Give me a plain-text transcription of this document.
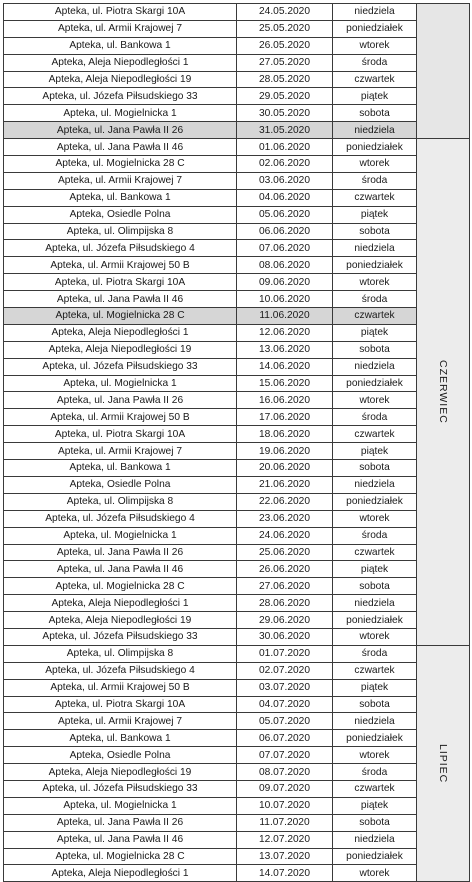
Apteka, ul. Piotra Skargi 10A	24.05.2020	niedziela	

Apteka, ul. Armii Krajowej 7	25.05.2020	poniedziałek	
Apteka, ul. Bankowa 1	26.05.2020	wtorek	
Apteka, Aleja Niepodległości 1	27.05.2020	środa	
Apteka, Aleja Niepodległości 19	28.05.2020	czwartek	
Apteka, ul. Józefa Piłsudskiego 33	29.05.2020	piątek	
Apteka, ul. Mogielnicka 1	30.05.2020	sobota	
Apteka, ul. Jana Pawła II 26	31.05.2020	niedziela	
Apteka, ul. Jana Pawła II 46	01.06.2020	poniedziałek	CZERWIEC

Apteka, ul. Mogielnicka 28 C	02.06.2020	wtorek	
Apteka, ul. Armii Krajowej 7	03.06.2020	środa	
Apteka, ul. Bankowa 1	04.06.2020	czwartek	
Apteka, Osiedle Polna	05.06.2020	piątek	
Apteka, ul. Olimpijska 8	06.06.2020	sobota	
Apteka, ul. Józefa Piłsudskiego 4	07.06.2020	niedziela	
Apteka, ul. Armii Krajowej 50 B	08.06.2020	poniedziałek	
Apteka, ul. Piotra Skargi 10A	09.06.2020	wtorek	
Apteka, ul. Jana Pawła II 46	10.06.2020	środa	
Apteka, ul. Mogielnicka 28 C	11.06.2020	czwartek	
Apteka, Aleja Niepodległości 1	12.06.2020	piątek	
Apteka, Aleja Niepodległości 19	13.06.2020	sobota	
Apteka, ul. Józefa Piłsudskiego 33	14.06.2020	niedziela	
Apteka, ul. Mogielnicka 1	15.06.2020	poniedziałek	
Apteka, ul. Jana Pawła II 26	16.06.2020	wtorek	
Apteka, ul. Armii Krajowej 50 B	17.06.2020	środa	
Apteka, ul. Piotra Skargi 10A	18.06.2020	czwartek	
Apteka, ul. Armii Krajowej 7	19.06.2020	piątek	
Apteka, ul. Bankowa 1	20.06.2020	sobota	
Apteka, Osiedle Polna	21.06.2020	niedziela	
Apteka, ul. Olimpijska 8	22.06.2020	poniedziałek	
Apteka, ul. Józefa Piłsudskiego 4	23.06.2020	wtorek	
Apteka, ul. Mogielnicka 1	24.06.2020	środa	
Apteka, ul. Jana Pawła II 26	25.06.2020	czwartek	
Apteka, ul. Jana Pawła II 46	26.06.2020	piątek	
Apteka, ul. Mogielnicka 28 C	27.06.2020	sobota	
Apteka, Aleja Niepodległości 1	28.06.2020	niedziela	
Apteka, Aleja Niepodległości 19	29.06.2020	poniedziałek	
Apteka, ul. Józefa Piłsudskiego 33	30.06.2020	wtorek	
Apteka, ul. Olimpijska 8	01.07.2020	środa	LIPIEC

Apteka, ul. Józefa Piłsudskiego 4	02.07.2020	czwartek	
Apteka, ul. Armii Krajowej 50 B	03.07.2020	piątek	
Apteka, ul. Piotra Skargi 10A	04.07.2020	sobota	
Apteka, ul. Armii Krajowej 7	05.07.2020	niedziela	
Apteka, ul. Bankowa 1	06.07.2020	poniedziałek	
Apteka, Osiedle Polna	07.07.2020	wtorek	
Apteka, Aleja Niepodległości 19	08.07.2020	środa	
Apteka, ul. Józefa Piłsudskiego 33	09.07.2020	czwartek	
Apteka, ul. Mogielnicka 1	10.07.2020	piątek	
Apteka, ul. Jana Pawła II 26	11.07.2020	sobota	
Apteka, ul. Jana Pawła II 46	12.07.2020	niedziela	
Apteka, ul. Mogielnicka 28 C	13.07.2020	poniedziałek	
Apteka, Aleja Niepodległości 1	14.07.2020	wtorek	
